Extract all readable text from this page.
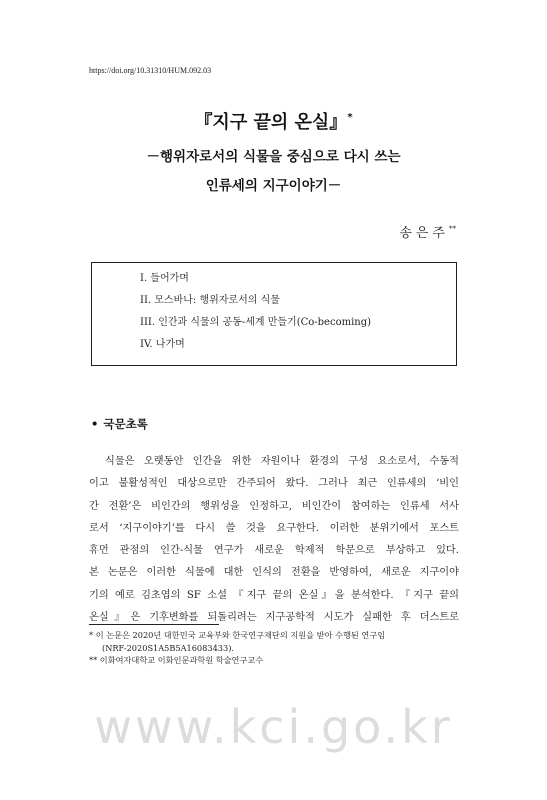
https://doi.org/10.31310/HUM.092.03
『지구 끝의 온실』*
－행위자로서의 식물을 중심으로 다시 쓰는
인류세의 지구이야기－
송은주**
I. 들어가며
II. 모스바나: 행위자로서의 식물
III. 인간과 식물의 공동-세계 만들기(Co-becoming)
IV. 나가며
• 국문초록
식물은 오랫동안 인간을 위한 자원이나 환경의 구성 요소로서, 수동적
이고 불활성적인 대상으로만 간주되어 왔다. 그러나 최근 인류세의 ‘비인
간 전환’은 비인간의 행위성을 인정하고, 비인간이 참여하는 인류세 서사
로서 ‘지구이야기’를 다시 쓸 것을 요구한다. 이러한 분위기에서 포스트
휴먼 관점의 인간-식물 연구가 새로운 학제적 학문으로 부상하고 있다.
본 논문은 이러한 식물에 대한 인식의 전환을 반영하여, 새로운 지구이야
기의 예로 김초엽의 SF 소설 『지구 끝의 온실』을 분석한다. 『지구 끝의
온실』은 기후변화를 되돌리려는 지구공학적 시도가 실패한 후 더스트로
* 이 논문은 2020년 대한민국 교육부와 한국연구재단의 지원을 받아 수행된 연구임
(NRF-2020S1A5B5A16083433).
** 이화여자대학교 이화인문과학원 학술연구교수
www.kci.go.kr
